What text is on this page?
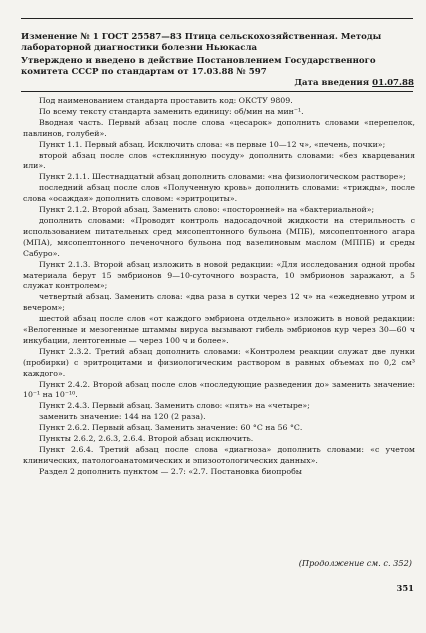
Изменение № 1 ГОСТ 25587—83 Птица сельскохозяйственная. Методы лабораторной диагностики болезни Ньюкасла
Утверждено и введено в действие Постановлением Государственного комитета СССР по стандартам от 17.03.88 № 597
Дата введения 01.07.88

Под наименованием стандарта проставить код: ОКСТУ 9809.

По всему тексту стандарта заменить единицу: об/мин на мин⁻¹.

Вводная часть. Первый абзац после слова «цесарок» дополнить словами «перепелок, павлинов, голубей».

Пункт 1.1. Первый абзац. Исключить слова: «в первые 10—12 ч», «печень, почки»;

второй абзац после слов «стеклянную посуду» дополнить словами: «без кварцевания или».

Пункт 2.1.1. Шестнадцатый абзац дополнить словами: «на физиологическом растворе»;

последний абзац после слов «Полученную кровь» дополнить словами: «трижды», после слова «осаждая» дополнить словом: «эритроциты».

Пункт 2.1.2. Второй абзац. Заменить слово: «посторонней» на «бактериальной»;

дополнить словами: «Проводят контроль надосадочной жидкости на стерильность с использованием питательных сред мясопептонного бульона (МПБ), мясопептонного агара (МПА), мясопептонного печеночного бульона под вазелиновым маслом (МППБ) и среды Сабуро».

Пункт 2.1.3. Второй абзац изложить в новой редакции: «Для исследования одной пробы материала берут 15 эмбрионов 9—10-суточного возраста, 10 эмбрионов заражают, а 5 служат контролем»;

четвертый абзац. Заменить слова: «два раза в сутки через 12 ч» на «ежедневно утром и вечером»;

шестой абзац после слов «от каждого эмбриона отдельно» изложить в новой редакции: «Велогенные и мезогенные штаммы вируса вызывают гибель эмбрионов кур через 30—60 ч инкубации, лентогенные — через 100 ч и более».

Пункт 2.3.2. Третий абзац дополнить словами: «Контролем реакции служат две лунки (пробирки) с эритроцитами и физиологическим раствором в равных объемах по 0,2 см³ каждого».

Пункт 2.4.2. Второй абзац после слов «последующие разведения до» заменить значение: 10⁻¹ на 10⁻¹⁰.

Пункт 2.4.3. Первый абзац. Заменить слово: «пять» на «четыре»;

заменить значение: 144 на 120 (2 раза).

Пункт 2.6.2. Первый абзац. Заменить значение: 60 °С на 56 °С.

Пункты 2.6.2, 2.6.3, 2.6.4. Второй абзац исключить.

Пункт 2.6.4. Третий абзац после слова «диагноза» дополнить словами: «с учетом клинических, патологоанатомических и эпизоотологических данных».

Раздел 2 дополнить пунктом — 2.7: «2.7. Постановка биопробы

(Продолжение см. с. 352)
351
